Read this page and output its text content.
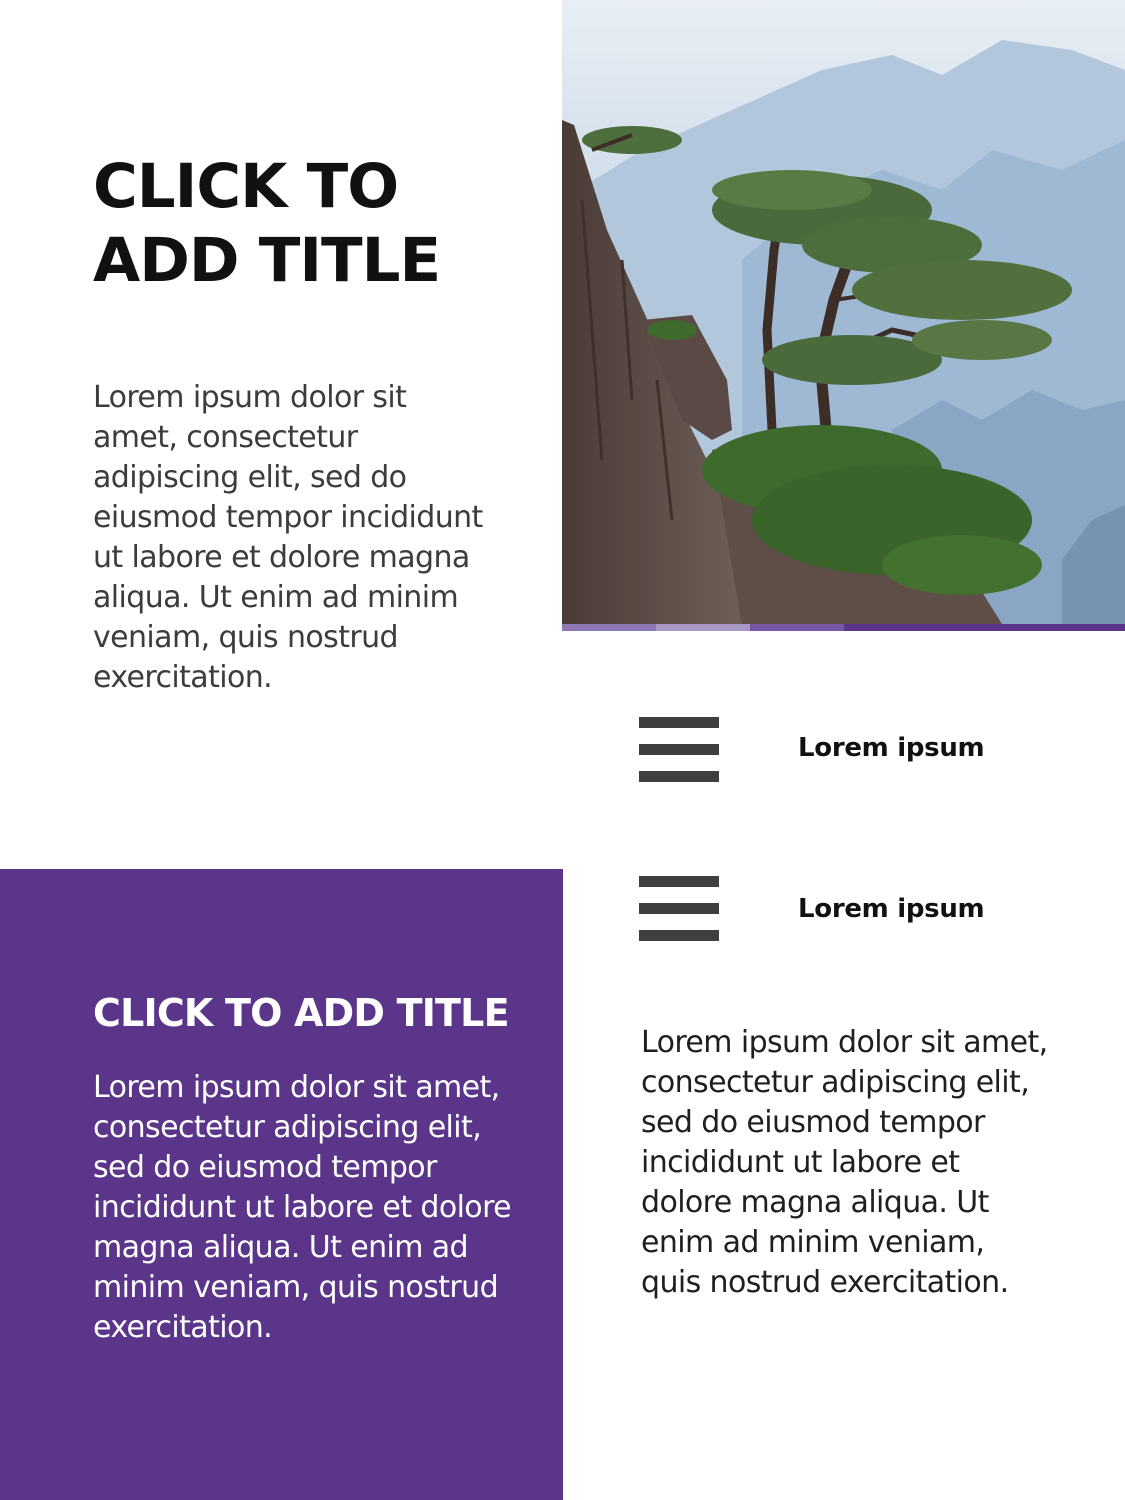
CLICK TO ADD TITLE
Lorem ipsum dolor sit amet, consectetur adipiscing elit, sed do eiusmod tempor incididunt ut labore et dolore magna aliqua. Ut enim ad minim veniam, quis nostrud exercitation.
Lorem ipsum
Lorem ipsum
CLICK TO ADD TITLE
Lorem ipsum dolor sit amet, consectetur adipiscing elit, sed do eiusmod tempor incididunt ut labore et dolore magna aliqua. Ut enim ad minim veniam, quis nostrud exercitation.
Lorem ipsum dolor sit amet, consectetur adipiscing elit, sed do eiusmod tempor incididunt ut labore et dolore magna aliqua. Ut enim ad minim veniam, quis nostrud exercitation.
